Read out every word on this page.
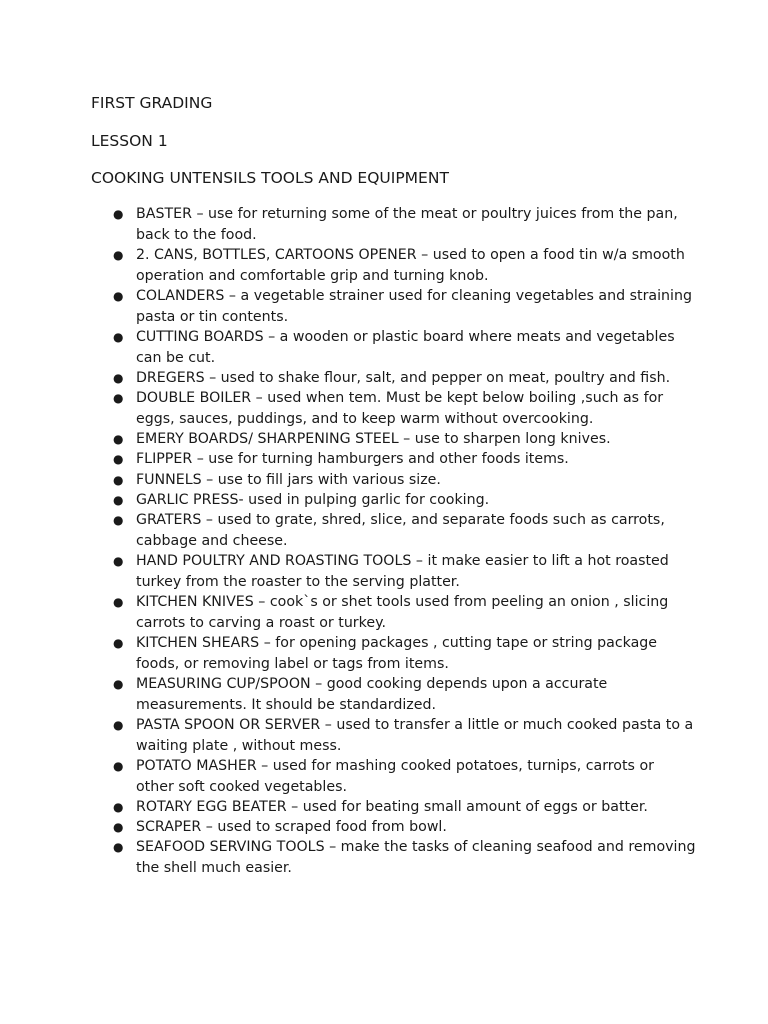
FIRST GRADING
LESSON 1
COOKING UNTENSILS TOOLS AND EQUIPMENT
● BASTER – use for returning some of the meat or poultry juices from the pan, back to the food.
● 2. CANS, BOTTLES, CARTOONS OPENER – used to open a food tin w/a smooth operation and comfortable grip and turning knob.
● COLANDERS – a vegetable strainer used for cleaning vegetables and straining pasta or tin contents.
● CUTTING BOARDS – a wooden or plastic board where meats and vegetables can be cut.
● DREGERS – used to shake flour, salt, and pepper on meat, poultry and fish.
● DOUBLE BOILER – used when tem. Must be kept below boiling ,such as for eggs, sauces, puddings, and to keep warm without overcooking.
● EMERY BOARDS/ SHARPENING STEEL – use to sharpen long knives.
● FLIPPER – use for turning hamburgers and other foods items.
● FUNNELS – use to fill jars with various size.
● GARLIC PRESS- used in pulping garlic for cooking.
● GRATERS – used to grate, shred, slice, and separate foods such as carrots, cabbage and cheese.
● HAND POULTRY AND ROASTING TOOLS – it make easier to lift a hot roasted turkey from the roaster to the serving platter.
● KITCHEN KNIVES – cook`s or shet tools used from peeling an onion , slicing carrots to carving a roast or turkey.
● KITCHEN SHEARS – for opening packages , cutting tape or string package foods, or removing label or tags from items.
● MEASURING CUP/SPOON – good cooking depends upon a accurate measurements. It should be standardized.
● PASTA SPOON OR SERVER – used to transfer a little or much cooked pasta to a waiting plate , without mess.
● POTATO MASHER – used for mashing cooked potatoes, turnips, carrots or other soft cooked vegetables.
● ROTARY EGG BEATER – used for beating small amount of eggs or batter.
● SCRAPER – used to scraped food from bowl.
● SEAFOOD SERVING TOOLS – make the tasks of cleaning seafood and removing the shell much easier.
